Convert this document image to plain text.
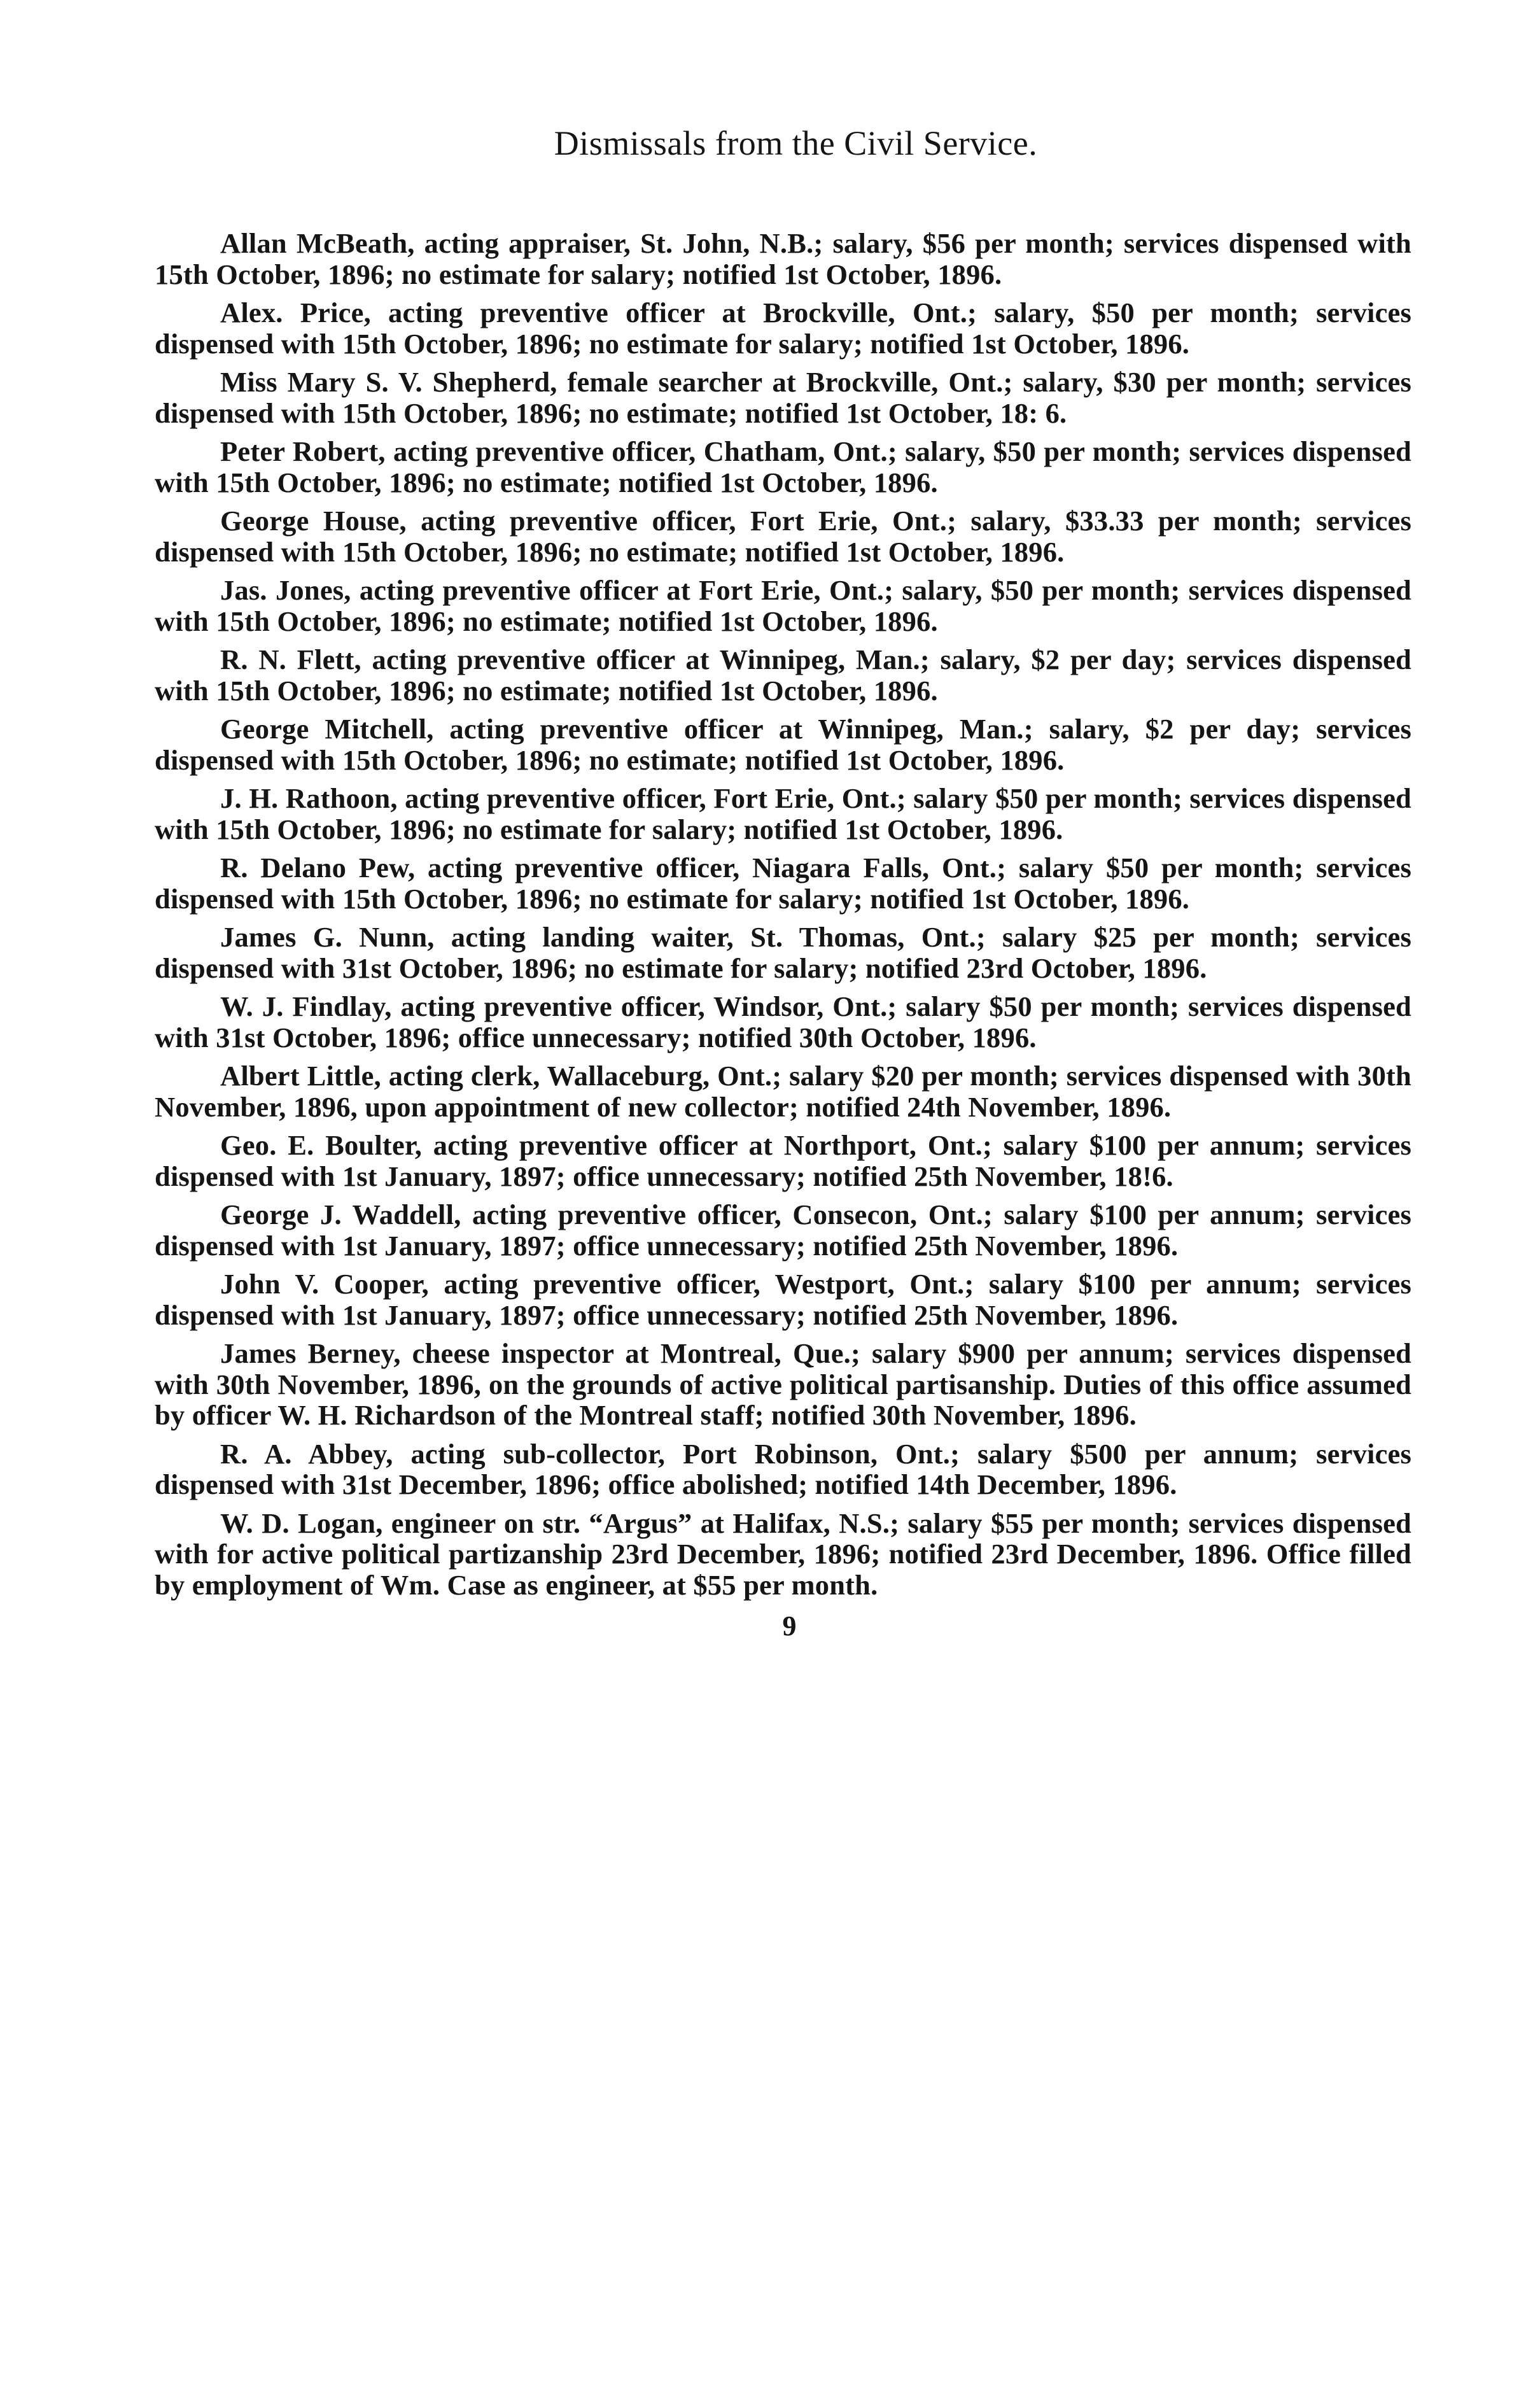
Dismissals from the Civil Service.

Allan McBeath, acting appraiser, St. John, N.B.; salary, $56 per month; services dispensed with 15th October, 1896; no estimate for salary; notified 1st October, 1896.

Alex. Price, acting preventive officer at Brockville, Ont.; salary, $50 per month; services dispensed with 15th October, 1896; no estimate for salary; notified 1st October, 1896.

Miss Mary S. V. Shepherd, female searcher at Brockville, Ont.; salary, $30 per month; services dispensed with 15th October, 1896; no estimate; notified 1st October, 18: 6.

Peter Robert, acting preventive officer, Chatham, Ont.; salary, $50 per month; services dispensed with 15th October, 1896; no estimate; notified 1st October, 1896.

George House, acting preventive officer, Fort Erie, Ont.; salary, $33.33 per month; services dispensed with 15th October, 1896; no estimate; notified 1st October, 1896.

Jas. Jones, acting preventive officer at Fort Erie, Ont.; salary, $50 per month; services dispensed with 15th October, 1896; no estimate; notified 1st October, 1896.

R. N. Flett, acting preventive officer at Winnipeg, Man.; salary, $2 per day; services dispensed with 15th October, 1896; no estimate; notified 1st October, 1896.

George Mitchell, acting preventive officer at Winnipeg, Man.; salary, $2 per day; services dispensed with 15th October, 1896; no estimate; notified 1st October, 1896.

J. H. Rathoon, acting preventive officer, Fort Erie, Ont.; salary $50 per month; services dispensed with 15th October, 1896; no estimate for salary; notified 1st October, 1896.

R. Delano Pew, acting preventive officer, Niagara Falls, Ont.; salary $50 per month; services dispensed with 15th October, 1896; no estimate for salary; notified 1st October, 1896.

James G. Nunn, acting landing waiter, St. Thomas, Ont.; salary $25 per month; services dispensed with 31st October, 1896; no estimate for salary; notified 23rd October, 1896.

W. J. Findlay, acting preventive officer, Windsor, Ont.; salary $50 per month; services dispensed with 31st October, 1896; office unnecessary; notified 30th October, 1896.

Albert Little, acting clerk, Wallaceburg, Ont.; salary $20 per month; services dispensed with 30th November, 1896, upon appointment of new collector; notified 24th November, 1896.

Geo. E. Boulter, acting preventive officer at Northport, Ont.; salary $100 per annum; services dispensed with 1st January, 1897; office unnecessary; notified 25th November, 18!6.

George J. Waddell, acting preventive officer, Consecon, Ont.; salary $100 per annum; services dispensed with 1st January, 1897; office unnecessary; notified 25th November, 1896.

John V. Cooper, acting preventive officer, Westport, Ont.; salary $100 per annum; services dispensed with 1st January, 1897; office unnecessary; notified 25th November, 1896.

James Berney, cheese inspector at Montreal, Que.; salary $900 per annum; services dispensed with 30th November, 1896, on the grounds of active political partisanship. Duties of this office assumed by officer W. H. Richardson of the Montreal staff; notified 30th November, 1896.

R. A. Abbey, acting sub-collector, Port Robinson, Ont.; salary $500 per annum; services dispensed with 31st December, 1896; office abolished; notified 14th December, 1896.

W. D. Logan, engineer on str. “Argus” at Halifax, N.S.; salary $55 per month; services dispensed with for active political partizanship 23rd December, 1896; notified 23rd December, 1896. Office filled by employment of Wm. Case as engineer, at $55 per month.

9
